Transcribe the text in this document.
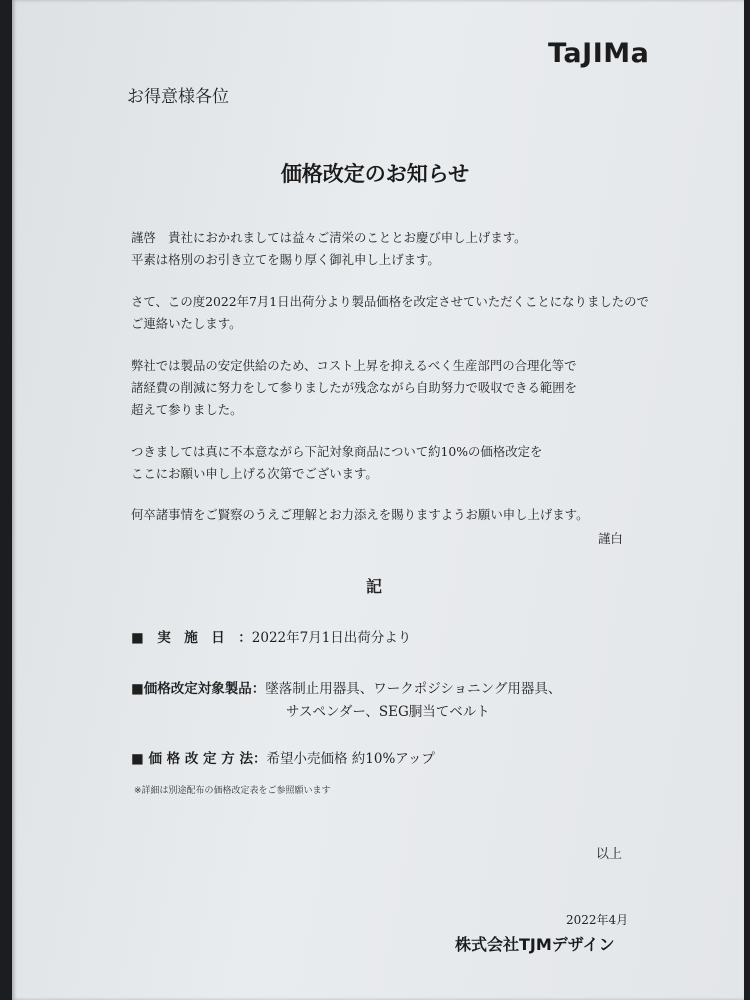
TaJIMa
お得意様各位
価格改定のお知らせ
謹啓　貴社におかれましては益々ご清栄のこととお慶び申し上げます。
平素は格別のお引き立てを賜り厚く御礼申し上げます。
さて、この度2022年7月1日出荷分より製品価格を改定させていただくことになりましたので
ご連絡いたします。
弊社では製品の安定供給のため、コスト上昇を抑えるべく生産部門の合理化等で
諸経費の削減に努力をして参りましたが残念ながら自助努力で吸収できる範囲を
超えて参りました。
つきましては真に不本意ながら下記対象商品について約10%の価格改定を
ここにお願い申し上げる次第でございます。
何卒諸事情をご賢察のうえご理解とお力添えを賜りますようお願い申し上げます。
謹白
記
■　実　施　日　：2022年7月1日出荷分より
■価格改定対象製品：墜落制止用器具、ワークポジショニング用器具、
サスペンダー、SEG胴当てベルト
■ 価 格 改 定 方 法：希望小売価格 約10%アップ
※詳細は別途配布の価格改定表をご参照願います
以上
2022年4月
株式会社TJMデザイン
